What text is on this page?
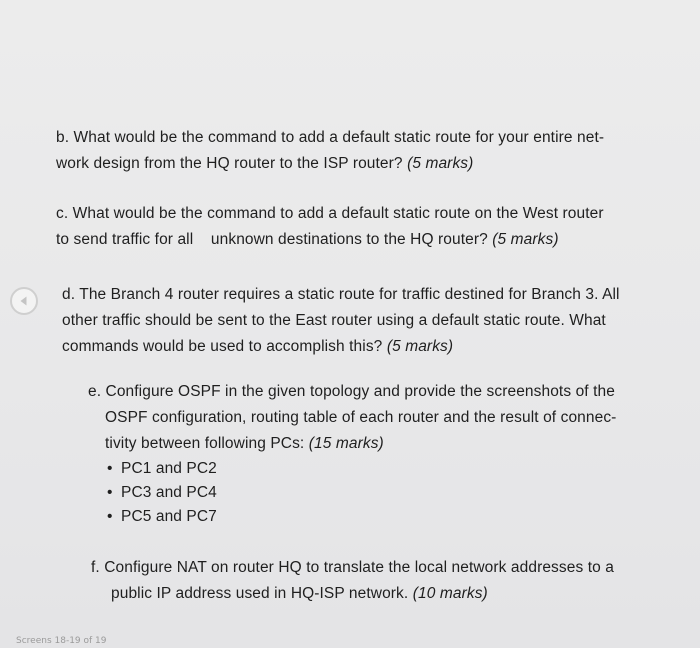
b. What would be the command to add a default static route for your entire net-
work design from the HQ router to the ISP router? (5 marks)
c. What would be the command to add a default static route on the West router
to send traffic for all    unknown destinations to the HQ router? (5 marks)
d. The Branch 4 router requires a static route for traffic destined for Branch 3. All
other traffic should be sent to the East router using a default static route. What
commands would be used to accomplish this? (5 marks)
e. Configure OSPF in the given topology and provide the screenshots of the
OSPF configuration, routing table of each router and the result of connec-
tivity between following PCs: (15 marks)
• PC1 and PC2
• PC3 and PC4
• PC5 and PC7
f. Configure NAT on router HQ to translate the local network addresses to a
public IP address used in HQ-ISP network. (10 marks)
Screens 18-19 of 19
